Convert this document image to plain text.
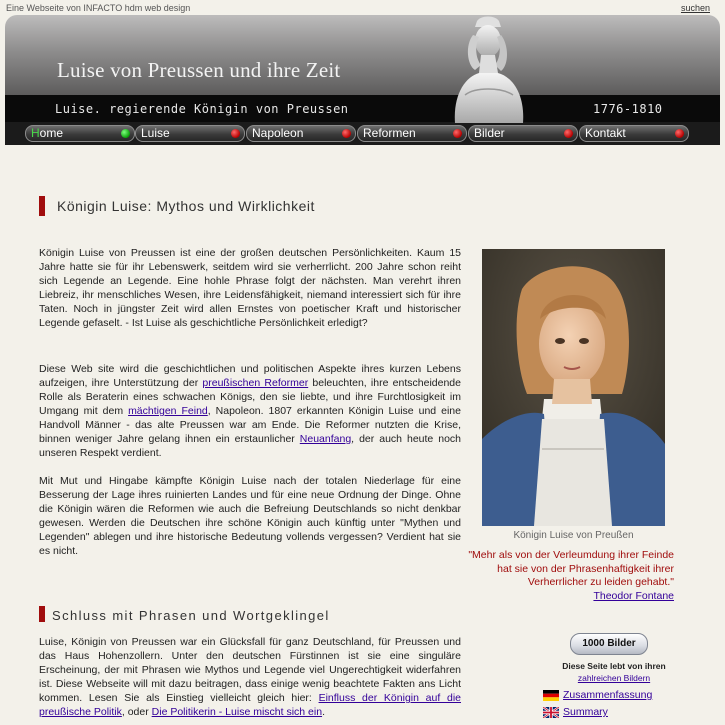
Eine Webseite von INFACTO hdm web design	suchen
Luise von Preussen und ihre Zeit
Luise. regierende Königin von Preussen	1776-1810
Home	Luise	Napoleon	Reformen	Bilder	Kontakt
Königin Luise: Mythos und Wirklichkeit
Königin Luise von Preussen ist eine der großen deutschen Persönlichkeiten. Kaum 15 Jahre hatte sie für ihr Lebenswerk, seitdem wird sie verherrlicht. 200 Jahre schon reiht sich Legende an Legende. Eine hohle Phrase folgt der nächsten. Man verehrt ihren Liebreiz, ihr menschliches Wesen, ihre Leidensfähigkeit, niemand interessiert sich für ihre Taten. Noch in jüngster Zeit wird allen Ernstes von poetischer Kraft und historischer Legende gefaselt. - Ist Luise als geschichtliche Persönlichkeit erledigt?
Diese Web site wird die geschichtlichen und politischen Aspekte ihres kurzen Lebens aufzeigen, ihre Unterstützung der preußischen Reformer beleuchten, ihre entscheidende Rolle als Beraterin eines schwachen Königs, den sie liebte, und ihre Furchtlosigkeit im Umgang mit dem mächtigen Feind, Napoleon. 1807 erkannten Königin Luise und eine Handvoll Männer - das alte Preussen war am Ende. Die Reformer nutzten die Krise, binnen weniger Jahre gelang ihnen ein erstaunlicher Neuanfang, der auch heute noch unseren Respekt verdient.
Mit Mut und Hingabe kämpfte Königin Luise nach der totalen Niederlage für eine Besserung der Lage ihres ruinierten Landes und für eine neue Ordnung der Dinge. Ohne die Königin wären die Reformen wie auch die Befreiung Deutschlands so nicht denkbar gewesen. Werden die Deutschen ihre schöne Königin auch künftig unter "Mythen und Legenden" ablegen und ihre historische Bedeutung vollends vergessen? Verdient hat sie es nicht.
Königin Luise von Preußen
"Mehr als von der Verleumdung ihrer Feinde hat sie von der Phrasenhaftigkeit ihrer Verherrlicher zu leiden gehabt."
Theodor Fontane
Schluss mit Phrasen und Wortgeklingel
Luise, Königin von Preussen war ein Glücksfall für ganz Deutschland, für Preussen und das Haus Hohenzollern. Unter den deutschen Fürstinnen ist sie eine singuläre Erscheinung, der mit Phrasen wie Mythos und Legende viel Ungerechtigkeit widerfahren ist. Diese Webseite will mit dazu beitragen, dass einige wenig beachtete Fakten ans Licht kommen. Lesen Sie als Einstieg vielleicht gleich hier: Einfluss der Königin auf die preußische Politik, oder Die Politikerin - Luise mischt sich ein.
1000 Bilder
Diese Seite lebt von ihren
zahlreichen Bildern
Zusammenfassung
Summary
